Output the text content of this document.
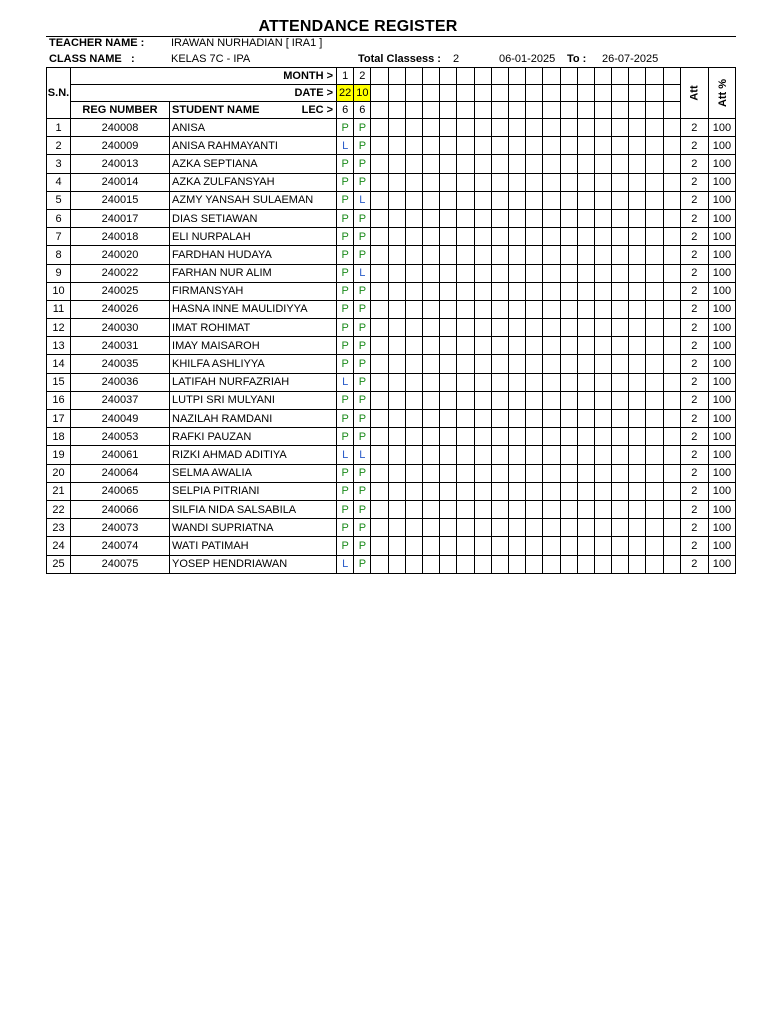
ATTENDANCE REGISTER
TEACHER NAME : IRAWAN NURHADIAN [ IRA1 ]
CLASS NAME :	KELAS 7C - IPA	Total Classess : 2	06-01-2025 To : 26-07-2025
S.N.	MONTH >		1	2																			Att	Att %
	DATE >		22	10																				
	REG NUMBER	STUDENT NAME LEC >	6	6																				
1	240008	ANISA	P	P																			2	100
2	240009	ANISA RAHMAYANTI	L	P																			2	100
3	240013	AZKA SEPTIANA	P	P																			2	100
4	240014	AZKA ZULFANSYAH	P	P																			2	100
5	240015	AZMY YANSAH SULAEMAN	P	L																			2	100
6	240017	DIAS SETIAWAN	P	P																			2	100
7	240018	ELI NURPALAH	P	P																			2	100
8	240020	FARDHAN HUDAYA	P	P																			2	100
9	240022	FARHAN NUR ALIM	P	L																			2	100
10	240025	FIRMANSYAH	P	P																			2	100
11	240026	HASNA INNE MAULIDIYYA	P	P																			2	100
12	240030	IMAT ROHIMAT	P	P																			2	100
13	240031	IMAY MAISAROH	P	P																			2	100
14	240035	KHILFA ASHLIYYA	P	P																			2	100
15	240036	LATIFAH NURFAZRIAH	L	P																			2	100
16	240037	LUTPI SRI MULYANI	P	P																			2	100
17	240049	NAZILAH RAMDANI	P	P																			2	100
18	240053	RAFKI PAUZAN	P	P																			2	100
19	240061	RIZKI AHMAD ADITIYA	L	L																			2	100
20	240064	SELMA AWALIA	P	P																			2	100
21	240065	SELPIA PITRIANI	P	P																			2	100
22	240066	SILFIA NIDA SALSABILA	P	P																			2	100
23	240073	WANDI SUPRIATNA	P	P																			2	100
24	240074	WATI PATIMAH	P	P																			2	100
25	240075	YOSEP HENDRIAWAN	L	P																			2	100
